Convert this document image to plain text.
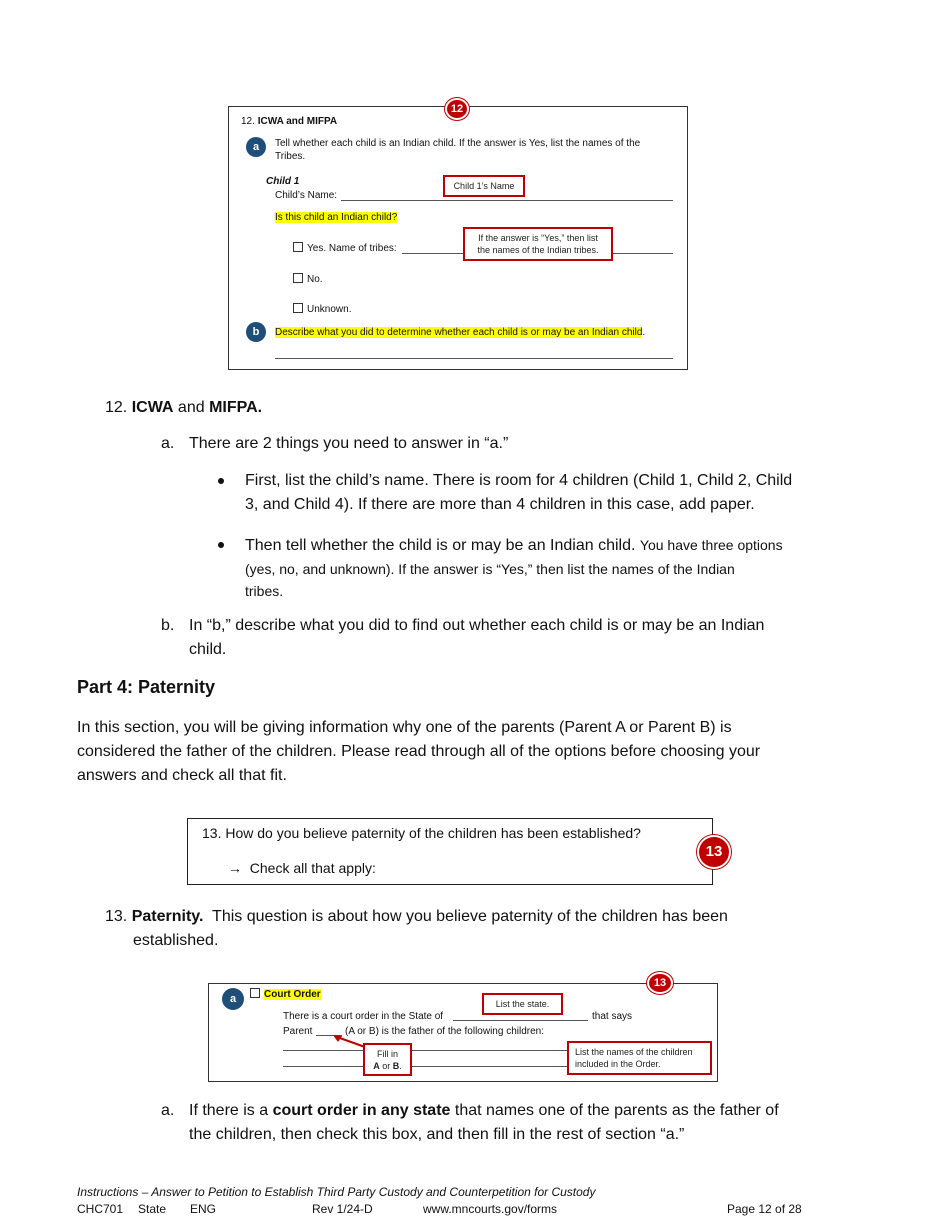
12
12. ICWA and MIFPA
a	Tell whether each child is an Indian child. If the answer is Yes, list the names of the
Tribes.
Child 1
Child’s Name:
Child 1’s Name
Is this child an Indian child?
Yes. Name of tribes:
If the answer is “Yes,” then list
the names of the Indian tribes.
No.
Unknown.
b	Describe what you did to determine whether each child is or may be an Indian child.
12. ICWA and MIFPA.
a. There are 2 things you need to answer in “a.”
First, list the child’s name. There is room for 4 children (Child 1, Child 2, Child
3, and Child 4). If there are more than 4 children in this case, add paper.
Then tell whether the child is or may be an Indian child. You have three options
(yes, no, and unknown). If the answer is “Yes,” then list the names of the Indian
tribes.
b. In “b,” describe what you did to find out whether each child is or may be an Indian
child.
Part 4: Paternity
In this section, you will be giving information why one of the parents (Parent A or Parent B) is
considered the father of the children. Please read through all of the options before choosing your
answers and check all that fit.
13. How do you believe paternity of the children has been established?
→ Check all that apply:
13
13. Paternity. This question is about how you believe paternity of the children has been
established.
13
a	Court Order
There is a court order in the State of	that says
Parent	(A or B) is the father of the following children:
List the state.
Fill in
A or B.
List the names of the children
included in the Order.
a. If there is a court order in any state that names one of the parents as the father of
the children, then check this box, and then fill in the rest of section “a.”
Instructions – Answer to Petition to Establish Third Party Custody and Counterpetition for Custody
CHC701 State ENG	Rev 1/24-D	www.mncourts.gov/forms	Page 12 of 28
